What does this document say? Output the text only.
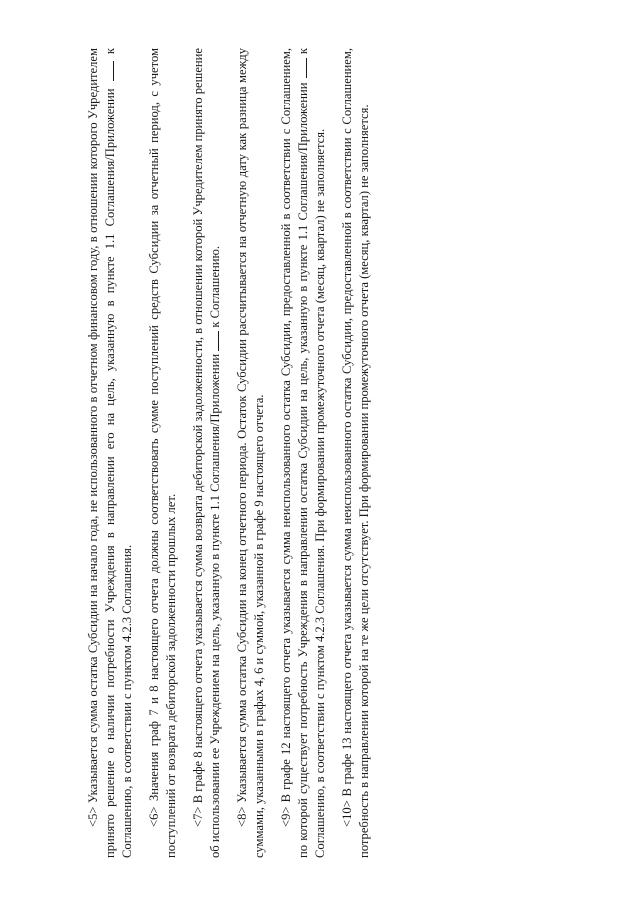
<5> Указывается сумма остатка Субсидии на начало года, не использованного в отчетном финансовом году, в отношении которого Учредителем принято решение о наличии потребности Учреждения в направлении его на цель, указанную в пункте 1.1 Соглашения/Приложении  к Соглашению, в соответствии с пунктом 4.2.3 Соглашения. <6> Значения граф 7 и 8 настоящего отчета должны соответствовать сумме поступлений средств Субсидии за отчетный период, с учетом поступлений от возврата дебиторской задолженности прошлых лет. <7> В графе 8 настоящего отчета указывается сумма возврата дебиторской задолженности, в отношении которой Учредителем принято решение об использовании ее Учреждением на цель, указанную в пункте 1.1 Соглашения/Приложении  к Соглашению.

<8> Указывается сумма остатка Субсидии на конец отчетного периода. Остаток Субсидии рассчитывается на отчетную дату как разница между суммами, указанными в графах 4, 6 и суммой, указанной в графе 9 настоящего отчета. <9> В графе 12 настоящего отчета указывается сумма неиспользованного остатка Субсидии, предоставленной в соответствии с Соглашением, по которой существует потребность Учреждения в направлении остатка Субсидии на цель, указанную в пункте 1.1 Соглашения/Приложении  к Соглашению, в соответствии с пунктом 4.2.3 Соглашения. При формировании промежуточного отчета (месяц, квартал) не заполняется. <10> В графе 13 настоящего отчета указывается сумма неиспользованного остатка Субсидии, предоставленной в соответствии с Соглашением, потребность в направлении которой на те же цели отсутствует. При формировании промежуточного отчета (месяц, квартал) не заполняется.
